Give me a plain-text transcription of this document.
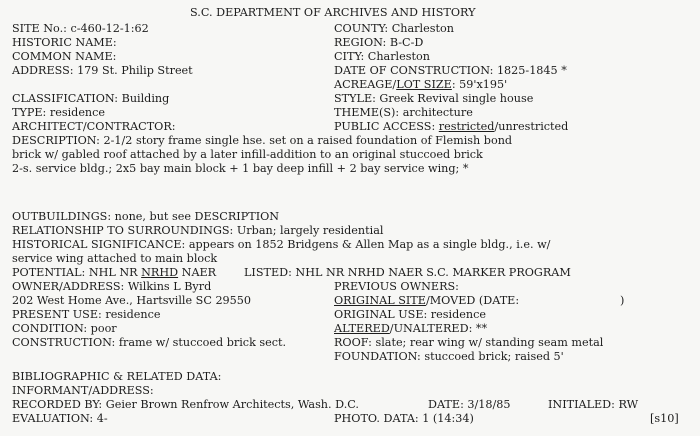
S.C. DEPARTMENT OF ARCHIVES AND HISTORY

SITE No.: c-460-12-1:62

HISTORIC NAME:

COMMON NAME:

ADDRESS: 179 St. Philip Street

COUNTY: Charleston

REGION: B-C-D

CITY: Charleston

DATE OF CONSTRUCTION: 1825-1845 *

ACREAGE/LOT SIZE: 59'x195'

CLASSIFICATION: Building

TYPE: residence

ARCHITECT/CONTRACTOR:

STYLE: Greek Revival single house

THEME(S): architecture

PUBLIC ACCESS: restricted/unrestricted

DESCRIPTION: 2-1/2 story frame single hse. set on a raised foundation of Flemish bond

brick w/ gabled roof attached by a later infill-addition to an original stuccoed brick

2-s. service bldg.; 2x5 bay main block + 1 bay deep infill + 2 bay service wing; *

OUTBUILDINGS: none, but see DESCRIPTION

RELATIONSHIP TO SURROUNDINGS: Urban; largely residential

HISTORICAL SIGNIFICANCE: appears on 1852 Bridgens & Allen Map as a single bldg., i.e. w/

service wing attached to main block

POTENTIAL: NHL NR NRHD NAER LISTED: NHL NR NRHD NAER S.C. MARKER PROGRAM

OWNER/ADDRESS: Wilkins L Byrd

202 West Home Ave., Hartsville SC 29550

PRESENT USE: residence

CONDITION: poor

CONSTRUCTION: frame w/ stuccoed brick sect.

PREVIOUS OWNERS:

ORIGINAL SITE/MOVED (DATE:	)

ORIGINAL USE: residence

ALTERED/UNALTERED: **

ROOF: slate; rear wing w/ standing seam metal

FOUNDATION: stuccoed brick; raised 5'

BIBLIOGRAPHIC & RELATED DATA:

INFORMANT/ADDRESS:

RECORDED BY: Geier Brown Renfrow Architects, Wash. D.C.	DATE: 3/18/85	INITIALED: RW

EVALUATION: 4-	PHOTO. DATA: 1 (14:34)	[s10]
